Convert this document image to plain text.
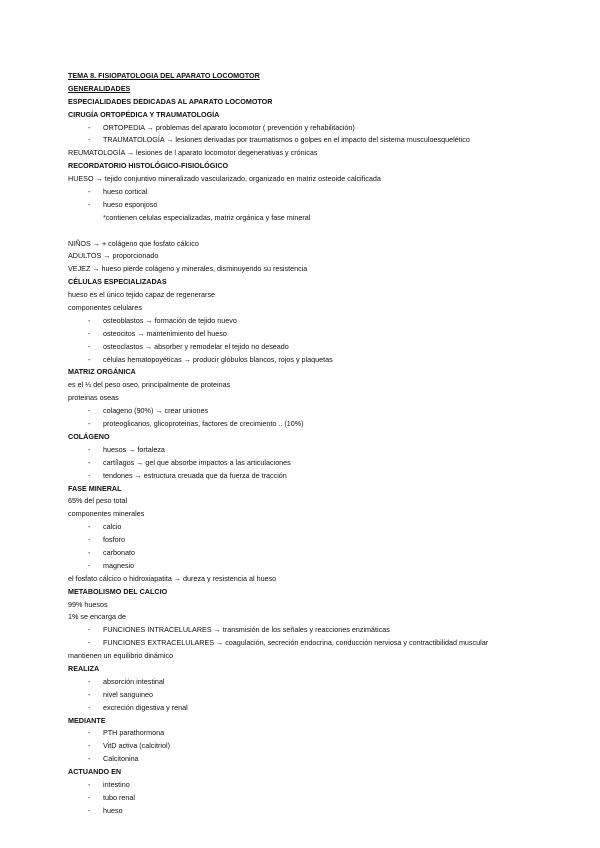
TEMA 8. FISIOPATOLOGIA DEL APARATO LOCOMOTOR
GENERALIDADES
ESPECIALIDADES DEDICADAS AL APARATO LOCOMOTOR
CIRUGÍA ORTOPÉDICA Y TRAUMATOLOGÍA
- ORTOPEDIA → problemas del aparato locomotor ( prevención y rehabilitación)
- TRAUMATOLOGÍA → lesiones derivadas por traumatismos o golpes en el impacto del sistema musculoesquelético
REUMATOLOGÍA → lesiones de l aparato locomotor degenerativas y crónicas
RECORDATORIO HISTOLÓGICO-FISIOLÓGICO
HUESO → tejido conjuntivo mineralizado vascularizado, organizado en matriz osteoide calcificada
- hueso cortical
- hueso esponjoso
*contienen celulas especializadas, matriz orgánica y fase mineral
NIÑOS → + colágeno que fosfato cálcico
ADULTOS → proporcionado
VEJEZ → hueso pierde colágeno y minerales, disminuyendo su resistencia
CÉLULAS ESPECIALIZADAS
hueso es el único tejido capaz de regenerarse
componentes celulares
- osteoblastos → formación de tejido nuevo
- osteocitos → mantenimiento del hueso
- osteoclastos → absorber y remodelar el tejido no deseado
- células hematopoyéticas → producir glóbulos blancos, rojos y plaquetas
MATRIZ ORGÁNICA
es el ⅓ del peso oseo, principalmente de proteinas
proteinas oseas
- colageno (90%) → crear uniones
- proteoglicanos, glicoproteinas, factores de crecimiento .. (10%)
COLÁGENO
- huesos → fortaleza
- cartílagos → gel que absorbe impactos a las articulaciones
- tendones → estructura creuada que da fuerza de tracción
FASE MINERAL
65% del peso total
componentes minerales
- calcio
- fosforo
- carbonato
- magnesio
el fosfato cálcico o hidroxiapatita → dureza y resistencia al hueso
METABOLISMO DEL CALCIO
99% huesos
1% se encarga de
- FUNCIONES INTRACELULARES → transmisión de los señales y reacciones enzimáticas
- FUNCIONES EXTRACELULARES → coagulación, secreción endocrina, conducción nerviosa y contractibilidad muscular
mantienen un equilibrio dinámico
REALIZA
- absorción intestinal
- nivel sanguineo
- excreción digestiva y renal
MEDIANTE
- PTH parathormona
- VitD activa (calcitriol)
- Calcitonina
ACTUANDO EN
- intestino
- tubo renal
- hueso
